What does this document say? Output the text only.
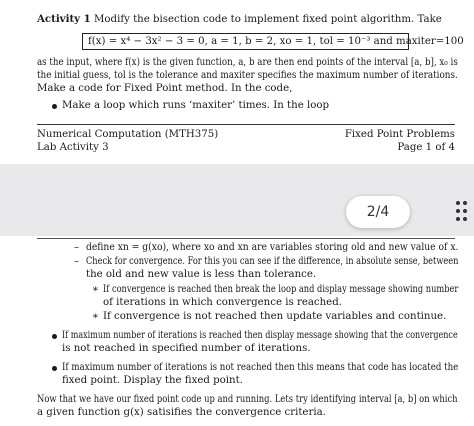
Activity 1 Modify the bisection code to implement fixed point algorithm. Take
f(x) = x⁴ − 3x² − 3 = 0, a = 1, b = 2, xo = 1, tol = 10⁻³ and maxiter=100
as the input, where f(x) is the given function, a, b are then end points of the interval [a, b], x₀ is
the initial guess, tol is the tolerance and maxiter specifies the maximum number of iterations.
Make a code for Fixed Point method. In the code,
Make a loop which runs ‘maxiter’ times. In the loop
Numerical Computation (MTH375)
Lab Activity 3
Fixed Point Problems
Page 1 of 4
2/4
– define xn = g(xo), where xo and xn are variables storing old and new value of x.
– Check for convergence. For this you can see if the difference, in absolute sense, between
the old and new value is less than tolerance.
∗ If convergence is reached then break the loop and display message showing number
of iterations in which convergence is reached.
∗ If convergence is not reached then update variables and continue.
If maximum number of iterations is reached then display message showing that the convergence
is not reached in specified number of iterations.
If maximum number of iterations is not reached then this means that code has located the
fixed point. Display the fixed point.
Now that we have our fixed point code up and running. Lets try identifying interval [a, b] on which
a given function g(x) satisifies the convergence criteria.
